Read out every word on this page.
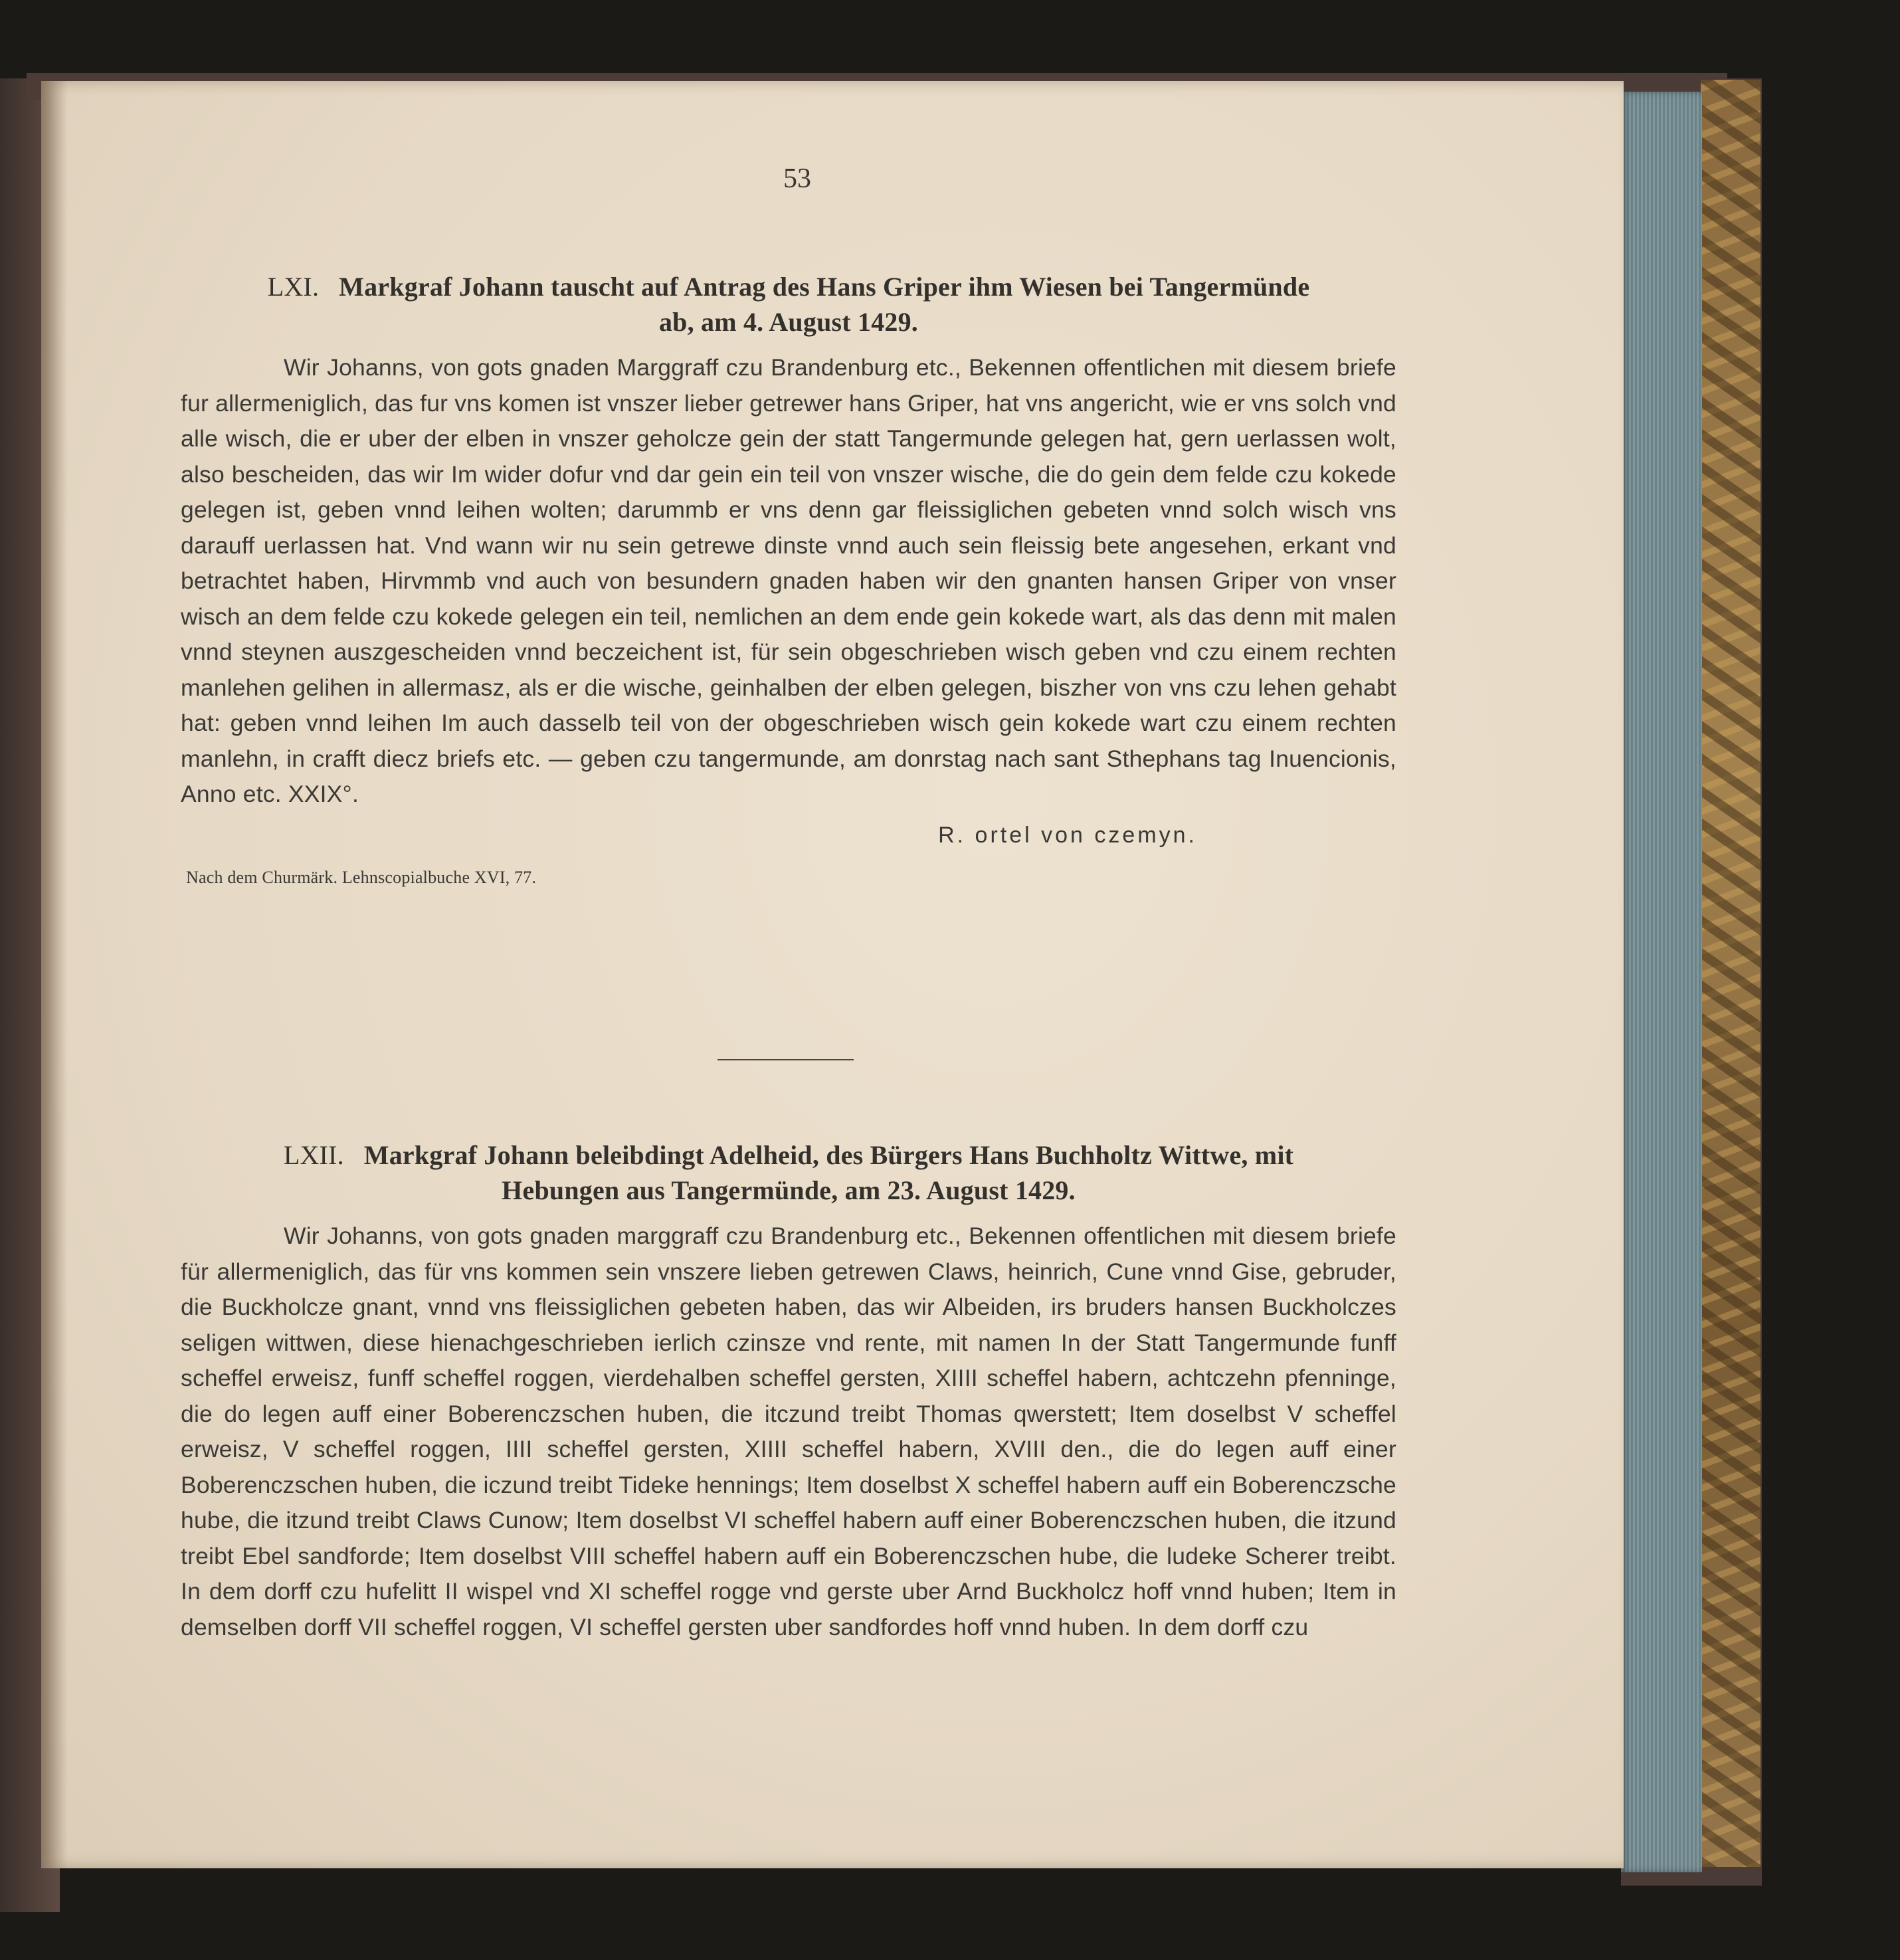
53
LXI. Markgraf Johann tauscht auf Antrag des Hans Griper ihm Wiesen bei Tangermünde
ab, am 4. August 1429.

Wir Johanns, von gots gnaden Marggraff czu Brandenburg etc., Bekennen offentlichen mit diesem briefe fur allermeniglich, das fur vns komen ist vnszer lieber getrewer hans Griper, hat vns angericht, wie er vns solch vnd alle wisch, die er uber der elben in vnszer geholcze gein der statt Tangermunde gelegen hat, gern uerlassen wolt, also bescheiden, das wir Im wider dofur vnd dar gein ein teil von vnszer wische, die do gein dem felde czu kokede gelegen ist, geben vnnd leihen wolten; darummb er vns denn gar fleissiglichen gebeten vnnd solch wisch vns darauff uerlassen hat. Vnd wann wir nu sein getrewe dinste vnnd auch sein fleissig bete angesehen, erkant vnd betrachtet haben, Hirvmmb vnd auch von besundern gnaden haben wir den gnanten hansen Griper von vnser wisch an dem felde czu kokede gelegen ein teil, nemlichen an dem ende gein kokede wart, als das denn mit malen vnnd steynen auszgescheiden vnnd beczeichent ist, für sein obgeschrieben wisch geben vnd czu einem rechten manlehen gelihen in allermasz, als er die wische, geinhalben der elben gelegen, biszher von vns czu lehen gehabt hat: geben vnnd leihen Im auch dasselb teil von der obgeschrieben wisch gein kokede wart czu einem rechten manlehn, in crafft diecz briefs etc. — geben czu tangermunde, am donrstag nach sant Sthephans tag Inuencionis, Anno etc. XXIX°.

R. ortel von czemyn.

Nach dem Churmärk. Lehnscopialbuche XVI, 77.

LXII. Markgraf Johann beleibdingt Adelheid, des Bürgers Hans Buchholtz Wittwe, mit
Hebungen aus Tangermünde, am 23. August 1429.

Wir Johanns, von gots gnaden marggraff czu Brandenburg etc., Bekennen offentlichen mit diesem briefe für allermeniglich, das für vns kommen sein vnszere lieben getrewen Claws, heinrich, Cune vnnd Gise, gebruder, die Buckholcze gnant, vnnd vns fleissiglichen gebeten haben, das wir Albeiden, irs bruders hansen Buckholczes seligen wittwen, diese hienachgeschrieben ierlich czinsze vnd rente, mit namen In der Statt Tangermunde funff scheffel erweisz, funff scheffel roggen, vierdehalben scheffel gersten, XIIII scheffel habern, achtczehn pfenninge, die do legen auff einer Boberenczschen huben, die itczund treibt Thomas qwerstett; Item doselbst V scheffel erweisz, V scheffel roggen, IIII scheffel gersten, XIIII scheffel habern, XVIII den., die do legen auff einer Boberenczschen huben, die iczund treibt Tideke hennings; Item doselbst X scheffel habern auff ein Boberenczsche hube, die itzund treibt Claws Cunow; Item doselbst VI scheffel habern auff einer Boberenczschen huben, die itzund treibt Ebel sandforde; Item doselbst VIII scheffel habern auff ein Boberenczschen hube, die ludeke Scherer treibt. In dem dorff czu hufelitt II wispel vnd XI scheffel rogge vnd gerste uber Arnd Buckholcz hoff vnnd huben; Item in demselben dorff VII scheffel roggen, VI scheffel gersten uber sandfordes hoff vnnd huben. In dem dorff czu
